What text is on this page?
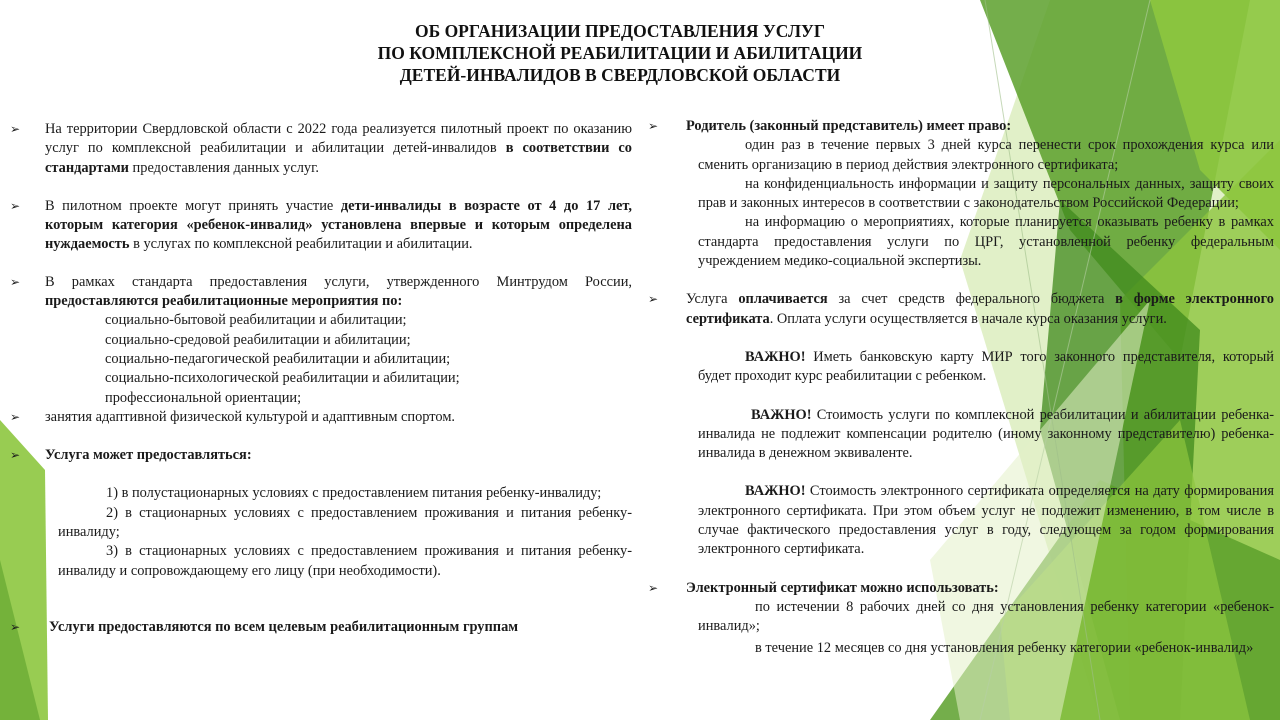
ОБ ОРГАНИЗАЦИИ ПРЕДОСТАВЛЕНИЯ УСЛУГ
ПО КОМПЛЕКСНОЙ РЕАБИЛИТАЦИИ И АБИЛИТАЦИИ
ДЕТЕЙ-ИНВАЛИДОВ В СВЕРДЛОВСКОЙ ОБЛАСТИ
➢ На территории Свердловской области с 2022 года реализуется пилотный проект по оказанию услуг по комплексной реабилитации и абилитации детей-инвалидов в соответствии со стандартами предоставления данных услуг.
➢ В пилотном проекте могут принять участие дети-инвалиды в возрасте от 4 до 17 лет, которым категория «ребенок-инвалид» установлена впервые и которым определена нуждаемость в услугах по комплексной реабилитации и абилитации.
➢ В рамках стандарта предоставления услуги, утвержденного Минтрудом России, предоставляются реабилитационные мероприятия по:
социально-бытовой реабилитации и абилитации;
социально-средовой реабилитации и абилитации;
социально-педагогической реабилитации и абилитации;
социально-психологической реабилитации и абилитации;
профессиональной ориентации;
➢ занятия адаптивной физической культурой и адаптивным спортом.
➢ Услуга может предоставляться:
1) в полустационарных условиях с предоставлением питания ребенку-инвалиду;
2) в стационарных условиях с предоставлением проживания и питания ребенку-инвалиду;
3) в стационарных условиях с предоставлением проживания и питания ребенку-инвалиду и сопровождающему его лицу (при необходимости).
➢ Услуги предоставляются по всем целевым реабилитационным группам
➢ Родитель (законный представитель) имеет право:
один раз в течение первых 3 дней курса перенести срок прохождения курса или сменить организацию в период действия электронного сертификата;
на конфиденциальность информации и защиту персональных данных, защиту своих прав и законных интересов в соответствии с законодательством Российской Федерации;
на информацию о мероприятиях, которые планируется оказывать ребенку в рамках стандарта предоставления услуги по ЦРГ, установленной ребенку федеральным учреждением медико-социальной экспертизы.
➢ Услуга оплачивается за счет средств федерального бюджета в форме электронного сертификата. Оплата услуги осуществляется в начале курса оказания услуги.
ВАЖНО! Иметь банковскую карту МИР того законного представителя, который будет проходит курс реабилитации с ребенком.
ВАЖНО! Стоимость услуги по комплексной реабилитации и абилитации ребенка-инвалида не подлежит компенсации родителю (иному законному представителю) ребенка-инвалида в денежном эквиваленте.
ВАЖНО! Стоимость электронного сертификата определяется на дату формирования электронного сертификата. При этом объем услуг не подлежит изменению, в том числе в случае фактического предоставления услуг в году, следующем за годом формирования электронного сертификата.
➢ Электронный сертификат можно использовать:
по истечении 8 рабочих дней со дня установления ребенку категории «ребенок-инвалид»;
в течение 12 месяцев со дня установления ребенку категории «ребенок-инвалид»
